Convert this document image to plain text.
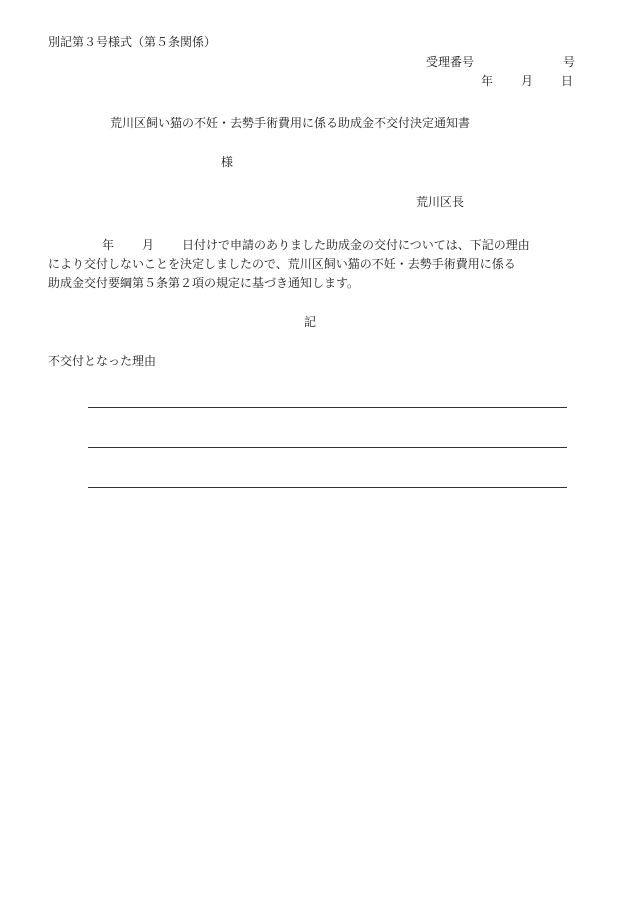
別記第３号様式（第５条関係）
受理番号	号
年 月 日
荒川区飼い猫の不妊・去勢手術費用に係る助成金不交付決定通知書
様
荒川区長
年 月 日付けで申請のありました助成金の交付については、下記の理由
により交付しないことを決定しましたので、荒川区飼い猫の不妊・去勢手術費用に係る
助成金交付要綱第５条第２項の規定に基づき通知します。
記
不交付となった理由
